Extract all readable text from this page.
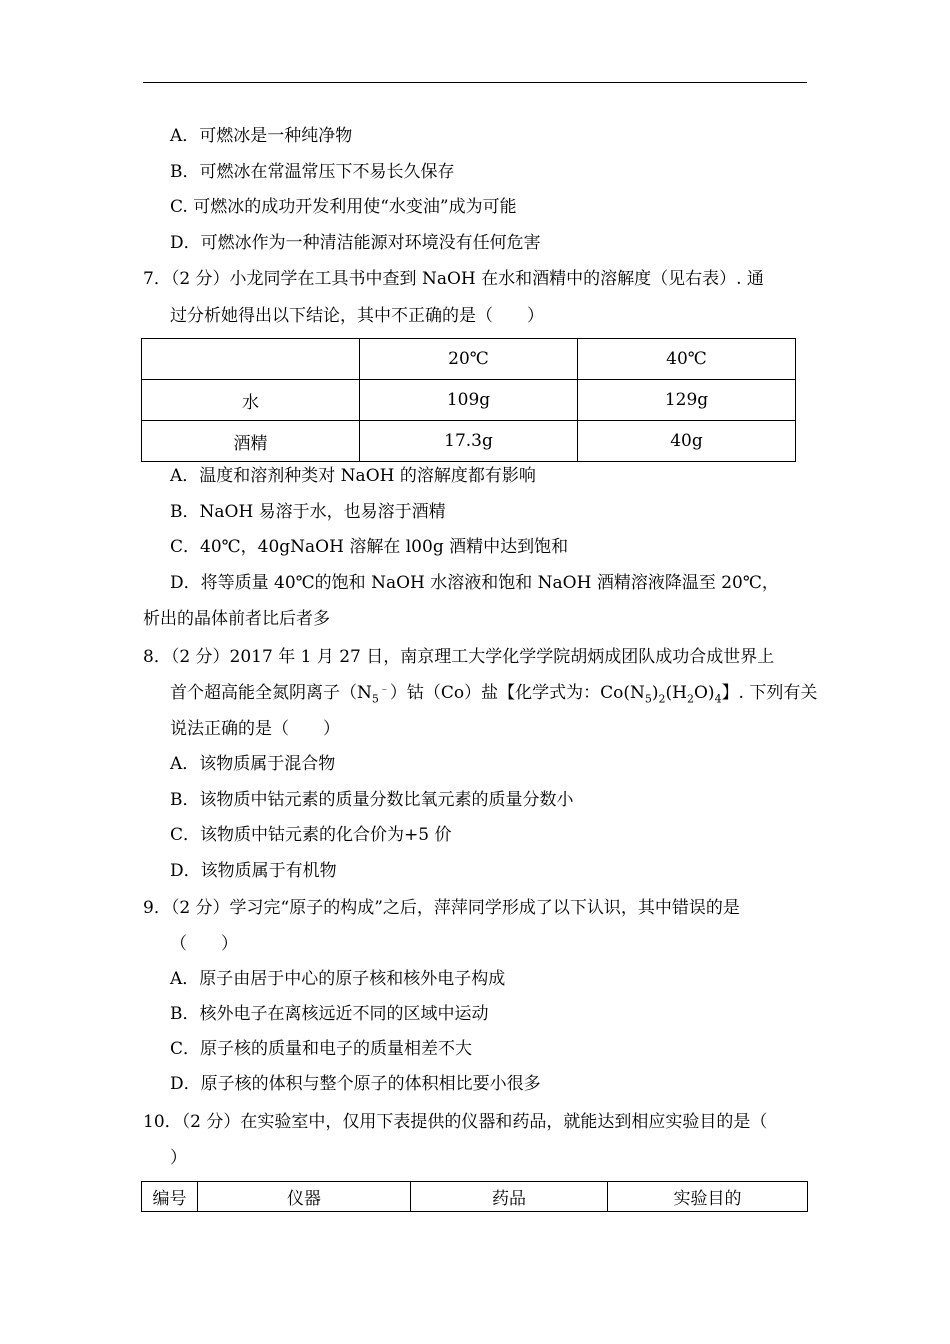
A．可燃冰是一种纯净物
B．可燃冰在常温常压下不易长久保存
C. 可燃冰的成功开发利用使“水变油”成为可能
D．可燃冰作为一种清洁能源对环境没有任何危害
7．（2 分）小龙同学在工具书中查到 NaOH 在水和酒精中的溶解度（见右表）. 通
过分析她得出以下结论，其中不正确的是（　　）
	20℃	40℃
水	109g	129g
酒精	17.3g	40g
A．温度和溶剂种类对 NaOH 的溶解度都有影响
B．NaOH 易溶于水，也易溶于酒精
C．40℃，40gNaOH 溶解在 l00g 酒精中达到饱和
D．将等质量 40℃的饱和 NaOH 水溶液和饱和 NaOH 酒精溶液降温至 20℃，
析出的晶体前者比后者多
8．（2 分）2017 年 1 月 27 日，南京理工大学化学学院胡炳成团队成功合成世界上
首个超高能全氮阴离子$(N_5^﹣)$钴（Co）盐【化学式为：$Co(N_5)_2(H_2O)_4$】. 下列有关
说法正确的是（　　）
A．该物质属于混合物
B．该物质中钴元素的质量分数比氧元素的质量分数小
C．该物质中钴元素的化合价为+5 价
D．该物质属于有机物
9．（2 分）学习完“原子的构成”之后，萍萍同学形成了以下认识，其中错误的是
（　　）
A．原子由居于中心的原子核和核外电子构成
B．核外电子在离核远近不同的区域中运动
C．原子核的质量和电子的质量相差不大
D．原子核的体积与整个原子的体积相比要小很多
10．（2 分）在实验室中，仅用下表提供的仪器和药品，就能达到相应实验目的是（
）
编号	仪器	药品	实验目的
